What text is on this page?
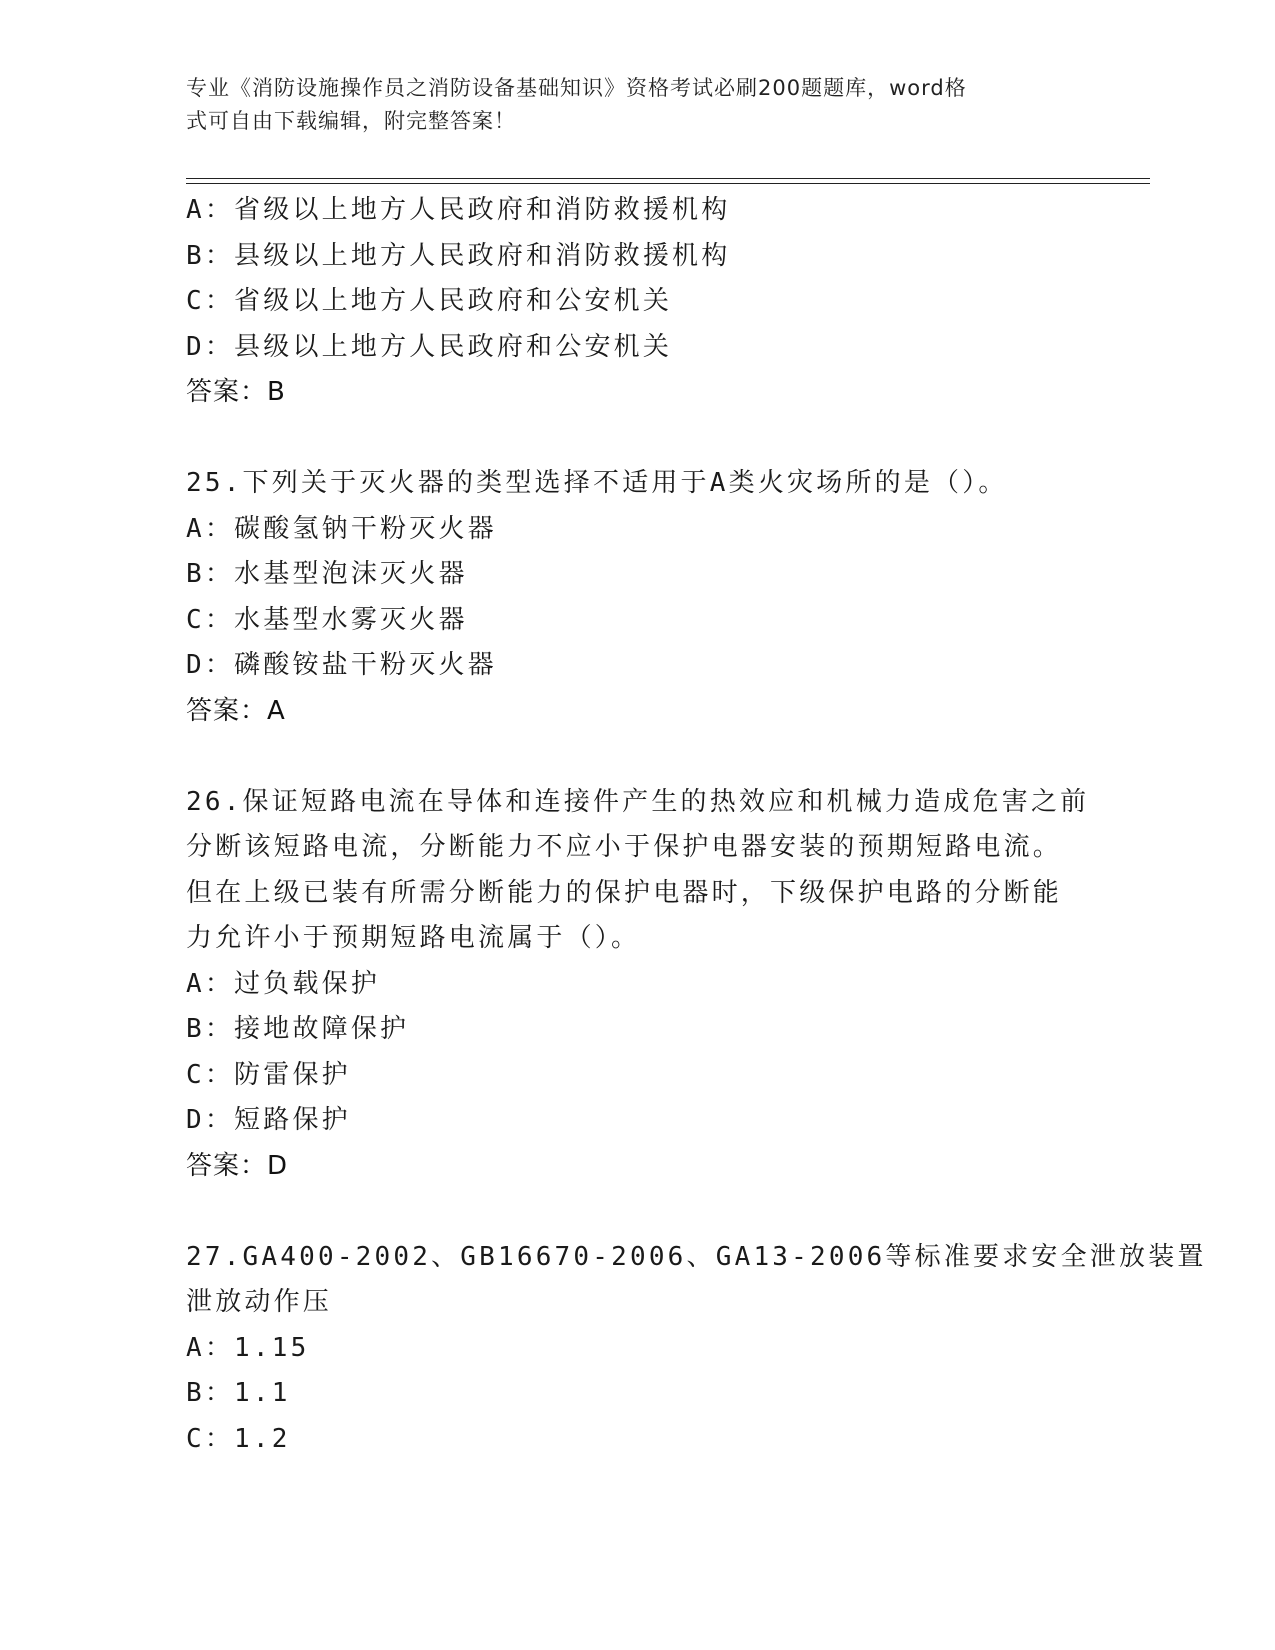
专业《消防设施操作员之消防设备基础知识》资格考试必刷200题题库，word格
式可自由下载编辑，附完整答案！
A：省级以上地方人民政府和消防救援机构
B：县级以上地方人民政府和消防救援机构
C：省级以上地方人民政府和公安机关
D：县级以上地方人民政府和公安机关
答案：B
25.下列关于灭火器的类型选择不适用于A类火灾场所的是（）。
A：碳酸氢钠干粉灭火器
B：水基型泡沫灭火器
C：水基型水雾灭火器
D：磷酸铵盐干粉灭火器
答案：A
26.保证短路电流在导体和连接件产生的热效应和机械力造成危害之前
分断该短路电流，分断能力不应小于保护电器安装的预期短路电流。
但在上级已装有所需分断能力的保护电器时，下级保护电路的分断能
力允许小于预期短路电流属于（）。
A：过负载保护
B：接地故障保护
C：防雷保护
D：短路保护
答案：D
27.GA400-2002、GB16670-2006、GA13-2006等标准要求安全泄放装置
泄放动作压
A：1.15
B：1.1
C：1.2
